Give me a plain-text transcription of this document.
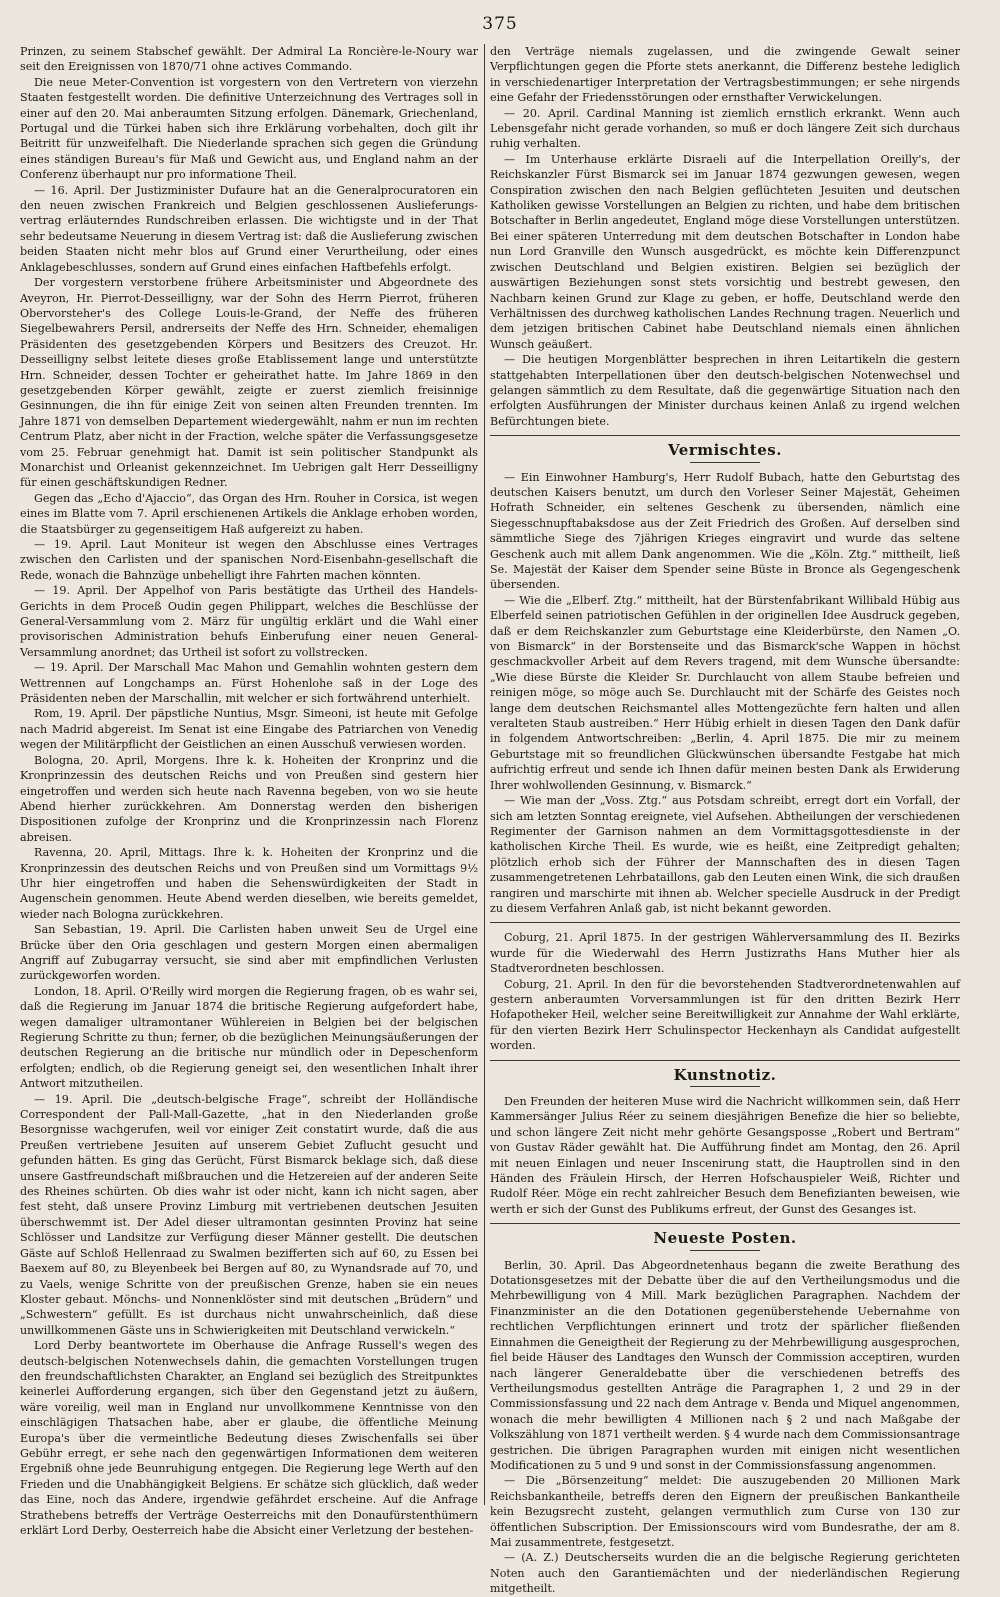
375

Prinzen, zu seinem Stabschef gewählt. Der Admiral La Roncière-le-Noury war seit den Ereignissen von 1870/71 ohne actives Commando.

Die neue Meter-Convention ist vorgestern von den Vertretern von vierzehn Staaten festgestellt worden. Die definitive Unterzeichnung des Vertrages soll in einer auf den 20. Mai anberaumten Sitzung erfolgen. Dänemark, Griechenland, Portugal und die Türkei haben sich ihre Erklärung vorbehalten, doch gilt ihr Beitritt für unzweifelhaft. Die Niederlande sprachen sich gegen die Gründung eines ständigen Bureau's für Maß und Gewicht aus, und England nahm an der Conferenz überhaupt nur pro informatione Theil.

— 16. April. Der Justizminister Dufaure hat an die Generalprocuratoren ein den neuen zwischen Frankreich und Belgien geschlossenen Auslieferungs-vertrag erläuterndes Rundschreiben erlassen. Die wichtigste und in der That sehr bedeutsame Neuerung in diesem Vertrag ist: daß die Auslieferung zwischen beiden Staaten nicht mehr blos auf Grund einer Verurtheilung, oder eines Anklagebeschlusses, sondern auf Grund eines einfachen Haftbefehls erfolgt.

Der vorgestern verstorbene frühere Arbeitsminister und Abgeordnete des Aveyron, Hr. Pierrot-Desseilligny, war der Sohn des Herrn Pierrot, früheren Obervorsteher's des College Louis-le-Grand, der Neffe des früheren Siegelbewahrers Persil, andrerseits der Neffe des Hrn. Schneider, ehemaligen Präsidenten des gesetzgebenden Körpers und Besitzers des Creuzot. Hr. Desseilligny selbst leitete dieses große Etablissement lange und unterstützte Hrn. Schneider, dessen Tochter er geheirathet hatte. Im Jahre 1869 in den gesetzgebenden Körper gewählt, zeigte er zuerst ziemlich freisinnige Gesinnungen, die ihn für einige Zeit von seinen alten Freunden trennten. Im Jahre 1871 von demselben Departement wiedergewählt, nahm er nun im rechten Centrum Platz, aber nicht in der Fraction, welche später die Verfassungsgesetze vom 25. Februar genehmigt hat. Damit ist sein politischer Standpunkt als Monarchist und Orleanist gekennzeichnet. Im Uebrigen galt Herr Desseilligny für einen geschäftskundigen Redner.

Gegen das „Echo d'Ajaccio“, das Organ des Hrn. Rouher in Corsica, ist wegen eines im Blatte vom 7. April erschienenen Artikels die Anklage erhoben worden, die Staatsbürger zu gegenseitigem Haß aufgereizt zu haben.

— 19. April. Laut Moniteur ist wegen den Abschlusse eines Vertrages zwischen den Carlisten und der spanischen Nord-Eisenbahn-gesellschaft die Rede, wonach die Bahnzüge unbehelligt ihre Fahrten machen könnten.

— 19. April. Der Appelhof von Paris bestätigte das Urtheil des Handels-Gerichts in dem Proceß Oudin gegen Philippart, welches die Beschlüsse der General-Versammlung vom 2. März für ungültig erklärt und die Wahl einer provisorischen Administration behufs Einberufung einer neuen General-Versammlung anordnet; das Urtheil ist sofort zu vollstrecken.

— 19. April. Der Marschall Mac Mahon und Gemahlin wohnten gestern dem Wettrennen auf Longchamps an. Fürst Hohenlohe saß in der Loge des Präsidenten neben der Marschallin, mit welcher er sich fortwährend unterhielt.

Rom, 19. April. Der päpstliche Nuntius, Msgr. Simeoni, ist heute mit Gefolge nach Madrid abgereist. Im Senat ist eine Eingabe des Patriarchen von Venedig wegen der Militärpflicht der Geistlichen an einen Ausschuß verwiesen worden.

Bologna, 20. April, Morgens. Ihre k. k. Hoheiten der Kronprinz und die Kronprinzessin des deutschen Reichs und von Preußen sind gestern hier eingetroffen und werden sich heute nach Ravenna begeben, von wo sie heute Abend hierher zurückkehren. Am Donnerstag werden den bisherigen Dispositionen zufolge der Kronprinz und die Kronprinzessin nach Florenz abreisen.

Ravenna, 20. April, Mittags. Ihre k. k. Hoheiten der Kronprinz und die Kronprinzessin des deutschen Reichs und von Preußen sind um Vormittags 9½ Uhr hier eingetroffen und haben die Sehenswürdigkeiten der Stadt in Augenschein genommen. Heute Abend werden dieselben, wie bereits gemeldet, wieder nach Bologna zurückkehren.

San Sebastian, 19. April. Die Carlisten haben unweit Seu de Urgel eine Brücke über den Oria geschlagen und gestern Morgen einen abermaligen Angriff auf Zubugarray versucht, sie sind aber mit empfindlichen Verlusten zurückgeworfen worden.

London, 18. April. O'Reilly wird morgen die Regierung fragen, ob es wahr sei, daß die Regierung im Januar 1874 die britische Regierung aufgefordert habe, wegen damaliger ultramontaner Wühlereien in Belgien bei der belgischen Regierung Schritte zu thun; ferner, ob die bezüglichen Meinungsäußerungen der deutschen Regierung an die britische nur mündlich oder in Depeschenform erfolgten; endlich, ob die Regierung geneigt sei, den wesentlichen Inhalt ihrer Antwort mitzutheilen.

— 19. April. Die „deutsch-belgische Frage“, schreibt der Holländische Correspondent der Pall-Mall-Gazette, „hat in den Niederlanden große Besorgnisse wachgerufen, weil vor einiger Zeit constatirt wurde, daß die aus Preußen vertriebene Jesuiten auf unserem Gebiet Zuflucht gesucht und gefunden hätten. Es ging das Gerücht, Fürst Bismarck beklage sich, daß diese unsere Gastfreundschaft mißbrauchen und die Hetzereien auf der anderen Seite des Rheines schürten. Ob dies wahr ist oder nicht, kann ich nicht sagen, aber fest steht, daß unsere Provinz Limburg mit vertriebenen deutschen Jesuiten überschwemmt ist. Der Adel dieser ultramontan gesinnten Provinz hat seine Schlösser und Landsitze zur Verfügung dieser Männer gestellt. Die deutschen Gäste auf Schloß Hellenraad zu Swalmen bezifferten sich auf 60, zu Essen bei Baexem auf 80, zu Bleyenbeek bei Bergen auf 80, zu Wynandsrade auf 70, und zu Vaels, wenige Schritte von der preußischen Grenze, haben sie ein neues Kloster gebaut. Mönchs- und Nonnenklöster sind mit deutschen „Brüdern“ und „Schwestern“ gefüllt. Es ist durchaus nicht unwahrscheinlich, daß diese unwillkommenen Gäste uns in Schwierigkeiten mit Deutschland verwickeln.“

Lord Derby beantwortete im Oberhause die Anfrage Russell's wegen des deutsch-belgischen Notenwechsels dahin, die gemachten Vorstellungen trugen den freundschaftlichsten Charakter, an England sei bezüglich des Streitpunktes keinerlei Aufforderung ergangen, sich über den Gegenstand jetzt zu äußern, wäre voreilig, weil man in England nur unvollkommene Kenntnisse von den einschlägigen Thatsachen habe, aber er glaube, die öffentliche Meinung Europa's über die vermeintliche Bedeutung dieses Zwischenfalls sei über Gebühr erregt, er sehe nach den gegenwärtigen Informationen dem weiteren Ergebniß ohne jede Beunruhigung entgegen. Die Regierung lege Werth auf den Frieden und die Unabhängigkeit Belgiens. Er schätze sich glücklich, daß weder das Eine, noch das Andere, irgendwie gefährdet erscheine. Auf die Anfrage Strathebens betreffs der Verträge Oesterreichs mit den Donaufürstenthümern erklärt Lord Derby, Oesterreich habe die Absicht einer Verletzung der bestehen-

den Verträge niemals zugelassen, und die zwingende Gewalt seiner Verpflichtungen gegen die Pforte stets anerkannt, die Differenz bestehe lediglich in verschiedenartiger Interpretation der Vertragsbestimmungen; er sehe nirgends eine Gefahr der Friedensstörungen oder ernsthafter Verwickelungen.

— 20. April. Cardinal Manning ist ziemlich ernstlich erkrankt. Wenn auch Lebensgefahr nicht gerade vorhanden, so muß er doch längere Zeit sich durchaus ruhig verhalten.

— Im Unterhause erklärte Disraeli auf die Interpellation Oreilly's, der Reichskanzler Fürst Bismarck sei im Januar 1874 gezwungen gewesen, wegen Conspiration zwischen den nach Belgien geflüchteten Jesuiten und deutschen Katholiken gewisse Vorstellungen an Belgien zu richten, und habe dem britischen Botschafter in Berlin angedeutet, England möge diese Vorstellungen unterstützen. Bei einer späteren Unterredung mit dem deutschen Botschafter in London habe nun Lord Granville den Wunsch ausgedrückt, es möchte kein Differenzpunct zwischen Deutschland und Belgien existiren. Belgien sei bezüglich der auswärtigen Beziehungen sonst stets vorsichtig und bestrebt gewesen, den Nachbarn keinen Grund zur Klage zu geben, er hoffe, Deutschland werde den Verhältnissen des durchweg katholischen Landes Rechnung tragen. Neuerlich und dem jetzigen britischen Cabinet habe Deutschland niemals einen ähnlichen Wunsch geäußert.

— Die heutigen Morgenblätter besprechen in ihren Leitartikeln die gestern stattgehabten Interpellationen über den deutsch-belgischen Notenwechsel und gelangen sämmtlich zu dem Resultate, daß die gegenwärtige Situation nach den erfolgten Ausführungen der Minister durchaus keinen Anlaß zu irgend welchen Befürchtungen biete.

Vermischtes.

— Ein Einwohner Hamburg's, Herr Rudolf Bubach, hatte den Geburtstag des deutschen Kaisers benutzt, um durch den Vorleser Seiner Majestät, Geheimen Hofrath Schneider, ein seltenes Geschenk zu übersenden, nämlich eine Siegesschnupftabaksdose aus der Zeit Friedrich des Großen. Auf derselben sind sämmtliche Siege des 7jährigen Krieges eingravirt und wurde das seltene Geschenk auch mit allem Dank angenommen. Wie die „Köln. Ztg.“ mittheilt, ließ Se. Majestät der Kaiser dem Spender seine Büste in Bronce als Gegengeschenk übersenden.

— Wie die „Elberf. Ztg.“ mittheilt, hat der Bürstenfabrikant Willibald Hübig aus Elberfeld seinen patriotischen Gefühlen in der originellen Idee Ausdruck gegeben, daß er dem Reichskanzler zum Geburtstage eine Kleiderbürste, den Namen „O. von Bismarck“ in der Borstenseite und das Bismarck'sche Wappen in höchst geschmackvoller Arbeit auf dem Revers tragend, mit dem Wunsche übersandte: „Wie diese Bürste die Kleider Sr. Durchlaucht von allem Staube befreien und reinigen möge, so möge auch Se. Durchlaucht mit der Schärfe des Geistes noch lange dem deutschen Reichsmantel alles Mottengezüchte fern halten und allen veralteten Staub austreiben.“ Herr Hübig erhielt in diesen Tagen den Dank dafür in folgendem Antwortschreiben: „Berlin, 4. April 1875. Die mir zu meinem Geburtstage mit so freundlichen Glückwünschen übersandte Festgabe hat mich aufrichtig erfreut und sende ich Ihnen dafür meinen besten Dank als Erwiderung Ihrer wohlwollenden Gesinnung, v. Bismarck.“

— Wie man der „Voss. Ztg.“ aus Potsdam schreibt, erregt dort ein Vorfall, der sich am letzten Sonntag ereignete, viel Aufsehen. Abtheilungen der verschiedenen Regimenter der Garnison nahmen an dem Vormittagsgottesdienste in der katholischen Kirche Theil. Es wurde, wie es heißt, eine Zeitpredigt gehalten; plötzlich erhob sich der Führer der Mannschaften des in diesen Tagen zusammengetretenen Lehrbataillons, gab den Leuten einen Wink, die sich draußen rangiren und marschirte mit ihnen ab. Welcher specielle Ausdruck in der Predigt zu diesem Verfahren Anlaß gab, ist nicht bekannt geworden.

Coburg, 21. April 1875. In der gestrigen Wählerversammlung des II. Bezirks wurde für die Wiederwahl des Herrn Justizraths Hans Muther hier als Stadtverordneten beschlossen.

Coburg, 21. April. In den für die bevorstehenden Stadtverordnetenwahlen auf gestern anberaumten Vorversammlungen ist für den dritten Bezirk Herr Hofapotheker Heil, welcher seine Bereitwilligkeit zur Annahme der Wahl erklärte, für den vierten Bezirk Herr Schulinspector Heckenhayn als Candidat aufgestellt worden.

Kunstnotiz.

Den Freunden der heiteren Muse wird die Nachricht willkommen sein, daß Herr Kammersänger Julius Réer zu seinem diesjährigen Benefize die hier so beliebte, und schon längere Zeit nicht mehr gehörte Gesangsposse „Robert und Bertram“ von Gustav Räder gewählt hat. Die Aufführung findet am Montag, den 26. April mit neuen Einlagen und neuer Inscenirung statt, die Hauptrollen sind in den Händen des Fräulein Hirsch, der Herren Hofschauspieler Weiß, Richter und Rudolf Réer. Möge ein recht zahlreicher Besuch dem Benefizianten beweisen, wie werth er sich der Gunst des Publikums erfreut, der Gunst des Gesanges ist.

Neueste Posten.

Berlin, 30. April. Das Abgeordnetenhaus begann die zweite Berathung des Dotationsgesetzes mit der Debatte über die auf den Vertheilungsmodus und die Mehrbewilligung von 4 Mill. Mark bezüglichen Paragraphen. Nachdem der Finanzminister an die den Dotationen gegenüberstehende Uebernahme von rechtlichen Verpflichtungen erinnert und trotz der spärlicher fließenden Einnahmen die Geneigtheit der Regierung zu der Mehrbewilligung ausgesprochen, fiel beide Häuser des Landtages den Wunsch der Commission acceptiren, wurden nach längerer Generaldebatte über die verschiedenen betreffs des Vertheilungsmodus gestellten Anträge die Paragraphen 1, 2 und 29 in der Commissionsfassung und 22 nach dem Antrage v. Benda und Miquel angenommen, wonach die mehr bewilligten 4 Millionen nach § 2 und nach Maßgabe der Volkszählung von 1871 vertheilt werden. § 4 wurde nach dem Commissionsantrage gestrichen. Die übrigen Paragraphen wurden mit einigen nicht wesentlichen Modificationen zu 5 und 9 und sonst in der Commissionsfassung angenommen.

— Die „Börsenzeitung“ meldet: Die auszugebenden 20 Millionen Mark Reichsbankantheile, betreffs deren den Eignern der preußischen Bankantheile kein Bezugsrecht zusteht, gelangen vermuthlich zum Curse von 130 zur öffentlichen Subscription. Der Emissionscours wird vom Bundesrathe, der am 8. Mai zusammentrete, festgesetzt.

— (A. Z.) Deutscherseits wurden die an die belgische Regierung gerichteten Noten auch den Garantiemächten und der niederländischen Regierung mitgetheilt.
